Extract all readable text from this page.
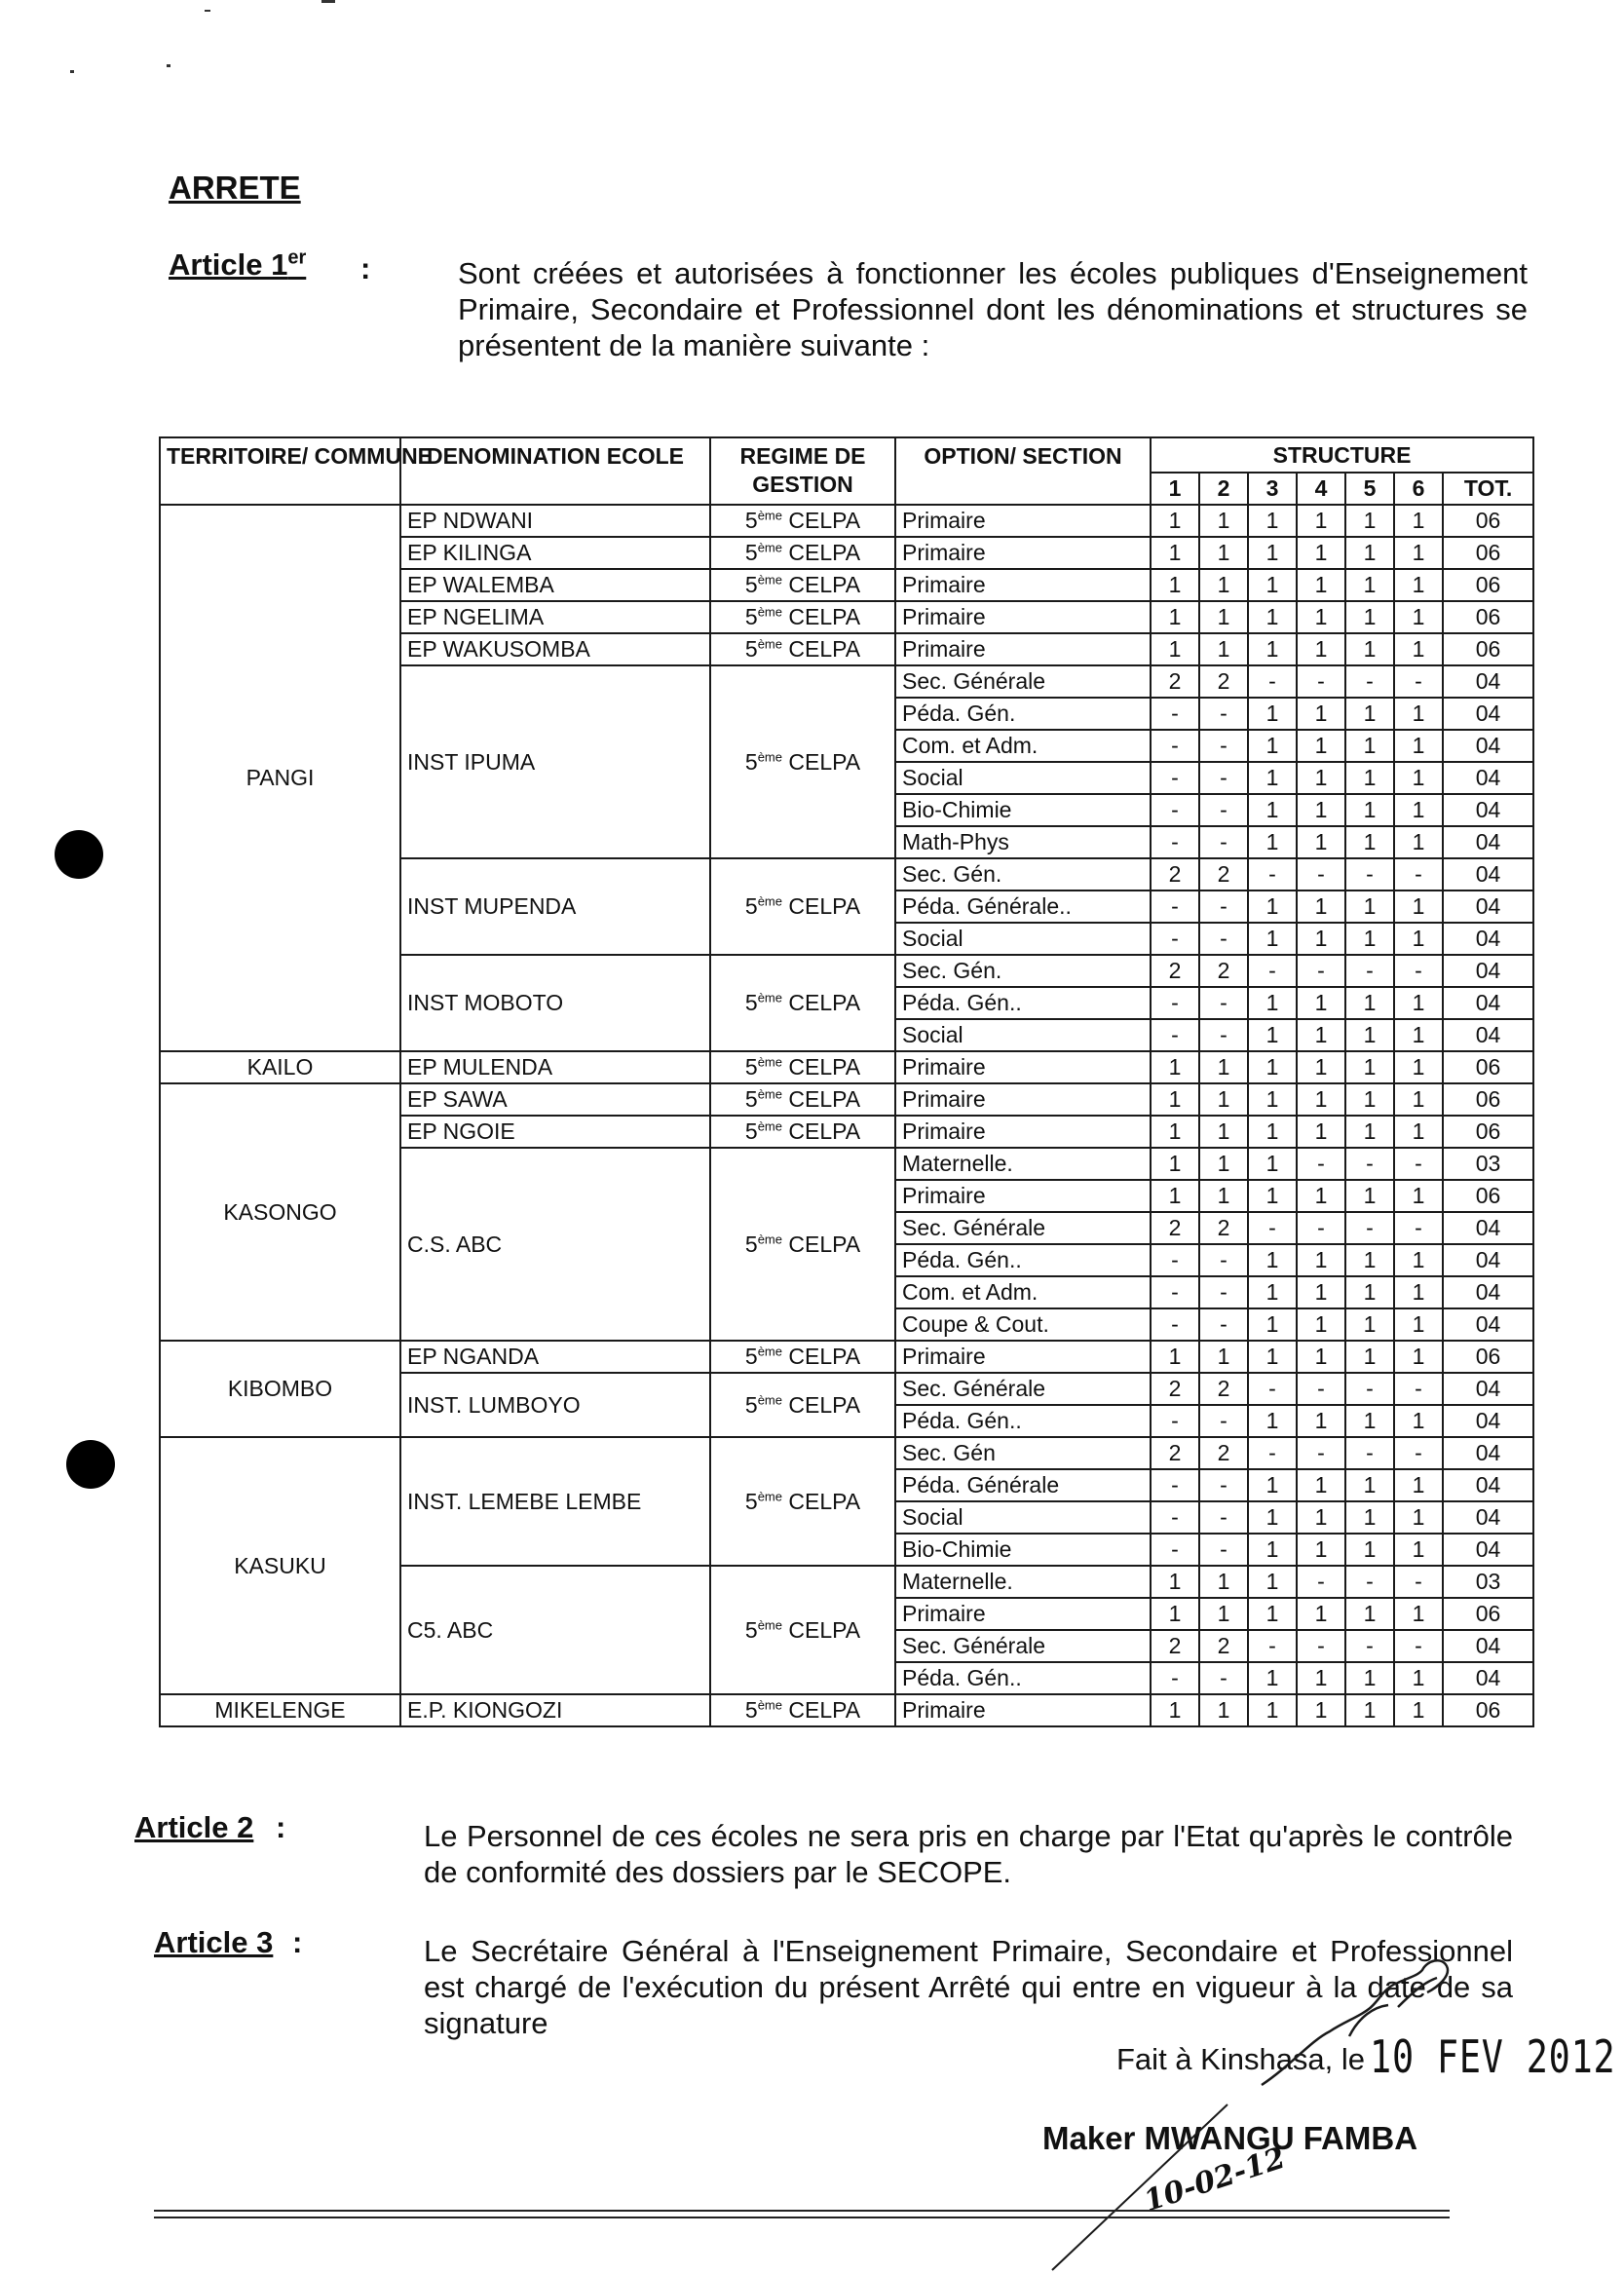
ARRETE
Article 1er :	Sont créées et autorisées à fonctionner les écoles publiques d'Enseignement Primaire, Secondaire et Professionnel dont les dénominations et structures se présentent de la manière suivante :
TERRITOIRE/ COMMUNE	DENOMINATION ECOLE	REGIME DE GESTION	OPTION/ SECTION	STRUCTURE						
				1	2	3	4	5	6	TOT.
PANGI	EP NDWANI	5ème CELPA	Primaire	1	1	1	1	1	1	06
	EP KILINGA	5ème CELPA	Primaire	1	1	1	1	1	1	06
	EP WALEMBA	5ème CELPA	Primaire	1	1	1	1	1	1	06
	EP NGELIMA	5ème CELPA	Primaire	1	1	1	1	1	1	06
	EP WAKUSOMBA	5ème CELPA	Primaire	1	1	1	1	1	1	06
	INST IPUMA	5ème CELPA	Sec. Générale	2	2	-	-	-	-	04
			Péda. Gén.	-	-	1	1	1	1	04
			Com. et Adm.	-	-	1	1	1	1	04
			Social	-	-	1	1	1	1	04
			Bio-Chimie	-	-	1	1	1	1	04
			Math-Phys	-	-	1	1	1	1	04
	INST MUPENDA	5ème CELPA	Sec. Gén.	2	2	-	-	-	-	04
			Péda. Générale..	-	-	1	1	1	1	04
			Social	-	-	1	1	1	1	04
	INST MOBOTO	5ème CELPA	Sec. Gén.	2	2	-	-	-	-	04
			Péda. Gén..	-	-	1	1	1	1	04
			Social	-	-	1	1	1	1	04
KAILO	EP MULENDA	5ème CELPA	Primaire	1	1	1	1	1	1	06
KASONGO	EP SAWA	5ème CELPA	Primaire	1	1	1	1	1	1	06
	EP NGOIE	5ème CELPA	Primaire	1	1	1	1	1	1	06
	C.S. ABC	5ème CELPA	Maternelle.	1	1	1	-	-	-	03
			Primaire	1	1	1	1	1	1	06
			Sec. Générale	2	2	-	-	-	-	04
			Péda. Gén..	-	-	1	1	1	1	04
			Com. et Adm.	-	-	1	1	1	1	04
			Coupe & Cout.	-	-	1	1	1	1	04
KIBOMBO	EP NGANDA	5ème CELPA	Primaire	1	1	1	1	1	1	06
	INST. LUMBOYO	5ème CELPA	Sec. Générale	2	2	-	-	-	-	04
			Péda. Gén..	-	-	1	1	1	1	04
KASUKU	INST. LEMEBE LEMBE	5ème CELPA	Sec. Gén	2	2	-	-	-	-	04
			Péda. Générale	-	-	1	1	1	1	04
			Social	-	-	1	1	1	1	04
			Bio-Chimie	-	-	1	1	1	1	04
	C5. ABC	5ème CELPA	Maternelle.	1	1	1	-	-	-	03
			Primaire	1	1	1	1	1	1	06
			Sec. Générale	2	2	-	-	-	-	04
			Péda. Gén..	-	-	1	1	1	1	04
MIKELENGE	E.P. KIONGOZI	5ème CELPA	Primaire	1	1	1	1	1	1	06
Article 2 :	Le Personnel de ces écoles ne sera pris en charge par l'Etat qu'après le contrôle de conformité des dossiers par le SECOPE.
Article 3 :	Le Secrétaire Général à l'Enseignement Primaire, Secondaire et Professionnel est chargé de l'exécution du présent Arrêté qui entre en vigueur à la date de sa signature
Fait à Kinshasa, le 10 FEV 2012
Maker MWANGU FAMBA
10-02-12
